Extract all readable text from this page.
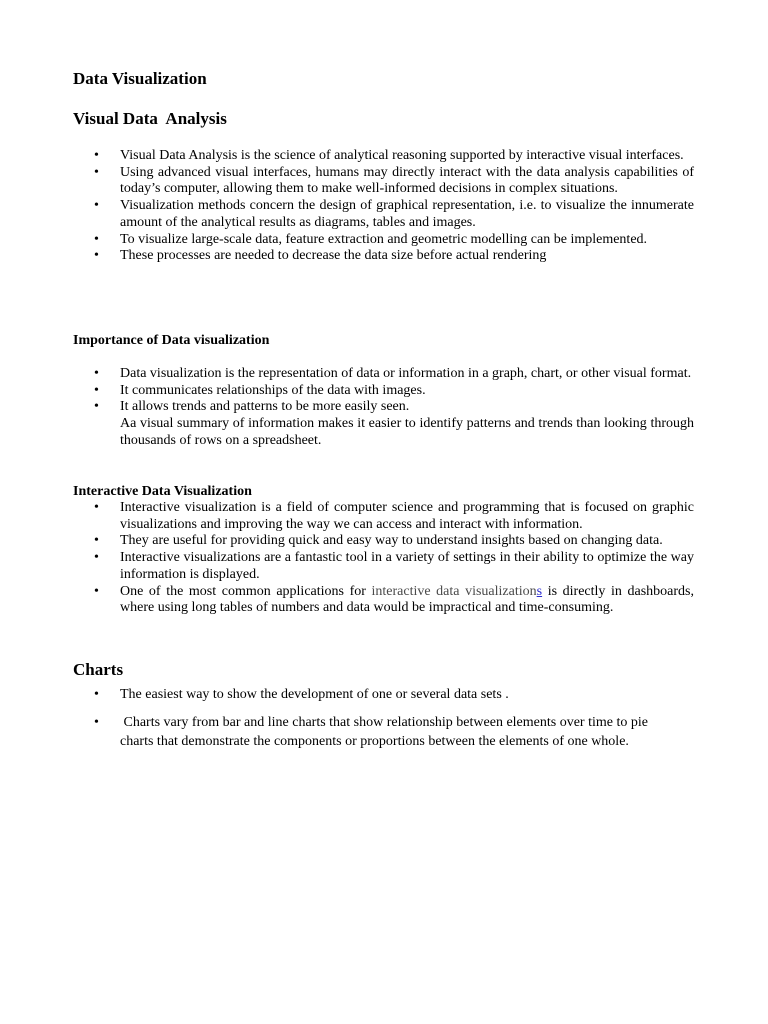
Data Visualization
Visual Data  Analysis
• Visual Data Analysis is the science of analytical reasoning supported by interactive visual interfaces.
• Using advanced visual interfaces, humans may directly interact with the data analysis capabilities of today’s computer, allowing them to make well-informed decisions in complex situations.
• Visualization methods concern the design of graphical representation, i.e. to visualize the innumerate amount of the analytical results as diagrams, tables and images.
• To visualize large-scale data, feature extraction and geometric modelling can be implemented.
• These processes are needed to decrease the data size before actual rendering
Importance of Data visualization
• Data visualization is the representation of data or information in a graph, chart, or other visual format.
• It communicates relationships of the data with images.
• It allows trends and patterns to be more easily seen.
Aa visual summary of information makes it easier to identify patterns and trends than looking through thousands of rows on a spreadsheet.
Interactive Data Visualization
• Interactive visualization is a field of computer science and programming that is focused on graphic visualizations and improving the way we can access and interact with information.
• They are useful for providing quick and easy way to understand insights based on changing data.
• Interactive visualizations are a fantastic tool in a variety of settings in their ability to optimize the way information is displayed.
• One of the most common applications for interactive data visualizations is directly in dashboards, where using long tables of numbers and data would be impractical and time-consuming.
Charts
• The easiest way to show the development of one or several data sets .
• Charts vary from bar and line charts that show relationship between elements over time to pie charts that demonstrate the components or proportions between the elements of one whole.
